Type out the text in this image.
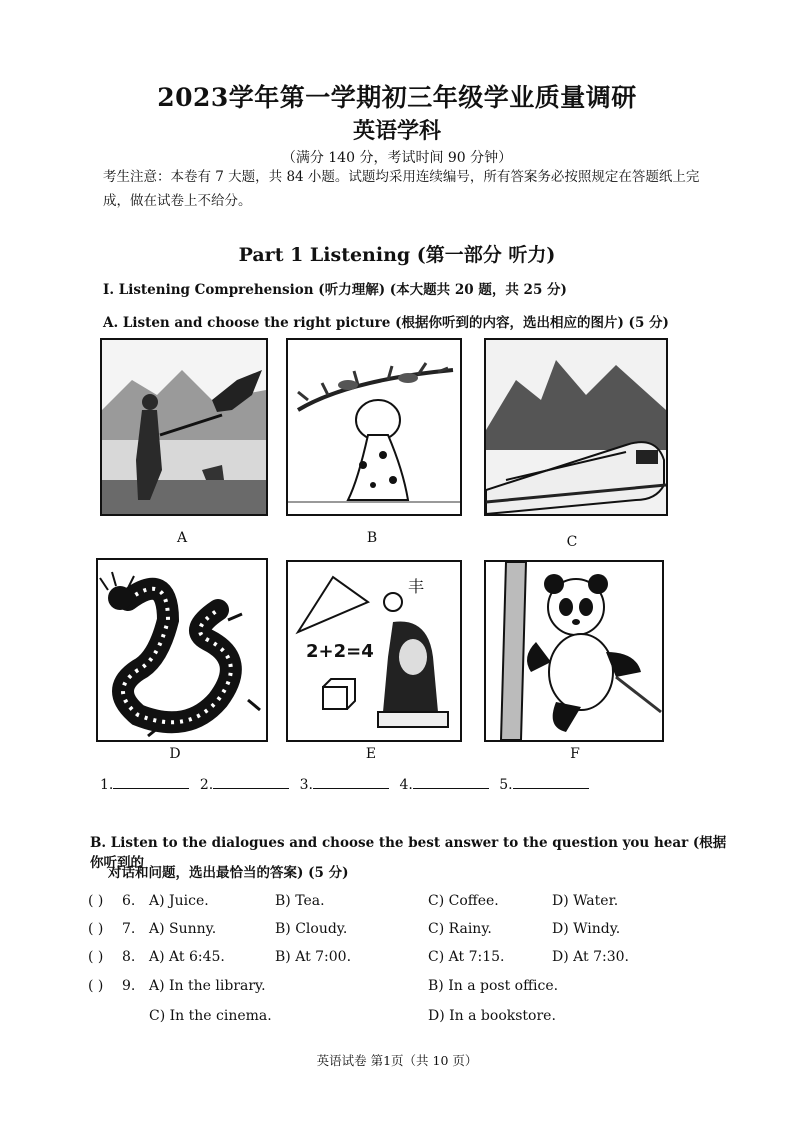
2023学年第一学期初三年级学业质量调研
英语学科
（满分 140 分，考试时间 90 分钟）
考生注意：本卷有 7 大题，共 84 小题。试题均采用连续编号，所有答案务必按照规定在答题纸上完成，做在试卷上不给分。
Part 1 Listening (第一部分 听力)
I. Listening Comprehension (听力理解) (本大题共 20 题，共 25 分)
A. Listen and choose the right picture (根据你听到的内容，选出相应的图片) (5 分)
A	B	C
D
丰
2+2=4
E	F
1.	2.	3.	4.	5.
B. Listen to the dialogues and choose the best answer to the question you hear (根据你听到的
对话和问题，选出最恰当的答案) (5 分)
( ) 6. A) Juice.	B) Tea.	C) Coffee.	D) Water.
( ) 7. A) Sunny.	B) Cloudy.	C) Rainy.	D) Windy.
( ) 8. A) At 6:45.	B) At 7:00.	C) At 7:15.	D) At 7:30.
( ) 9. A) In the library.	B) In a post office.
C) In the cinema.	D) In a bookstore.
英语试卷 第1页（共 10 页）
